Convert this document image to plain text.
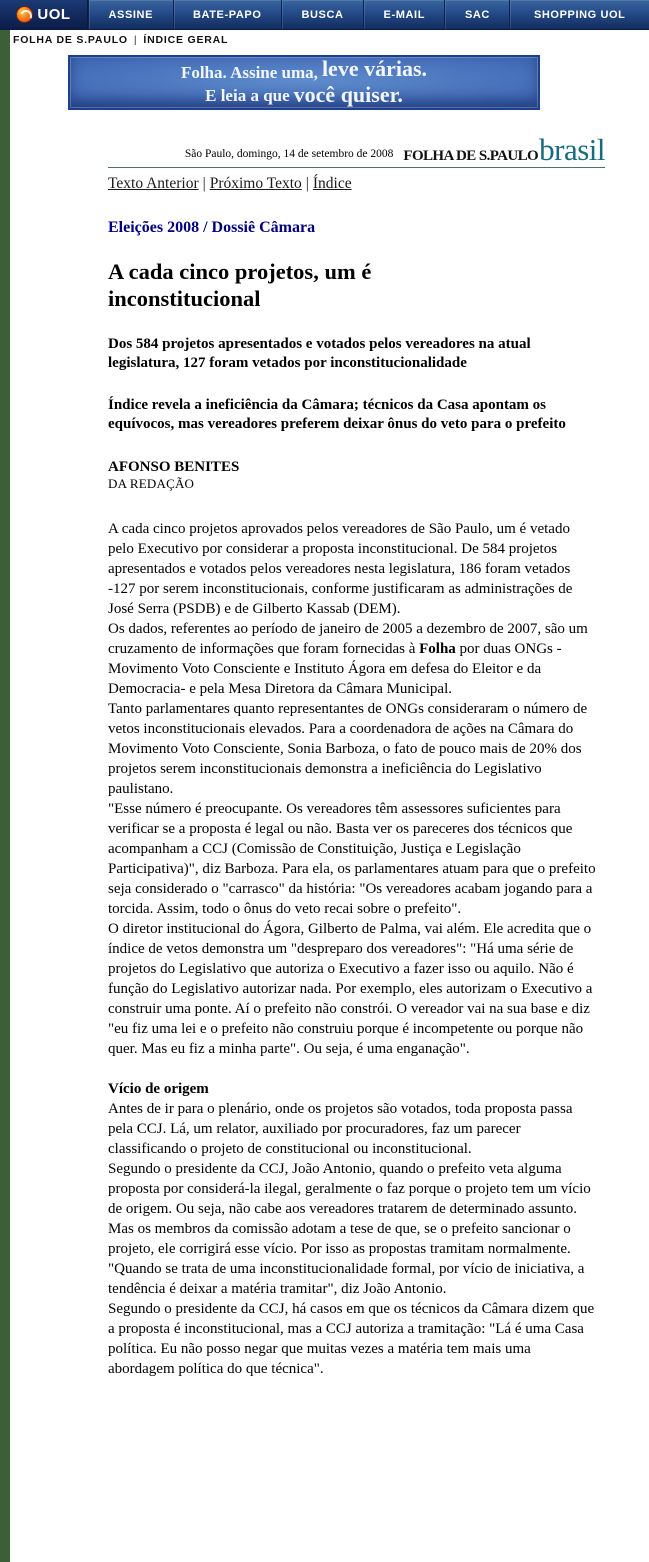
UOL	ASSINE	BATE-PAPO	BUSCA	E-MAIL	SAC	SHOPPING UOL
FOLHA DE S.PAULO | ÍNDICE GERAL
Folha. Assine uma, leve várias.
E leia a que você quiser.
São Paulo, domingo, 14 de setembro de 2008 FOLHA DE S.PAULO brasil
Texto Anterior | Próximo Texto | Índice
Eleições 2008 / Dossiê Câmara
A cada cinco projetos, um é inconstitucional

Dos 584 projetos apresentados e votados pelos vereadores na atual legislatura, 127 foram vetados por inconstitucionalidade

Índice revela a ineficiência da Câmara; técnicos da Casa apontam os equívocos, mas vereadores preferem deixar ônus do veto para o prefeito

AFONSO BENITES
DA REDAÇÃO

A cada cinco projetos aprovados pelos vereadores de São Paulo, um é vetado pelo Executivo por considerar a proposta inconstitucional. De 584 projetos apresentados e votados pelos vereadores nesta legislatura, 186 foram vetados -127 por serem inconstitucionais, conforme justificaram as administrações de José Serra (PSDB) e de Gilberto Kassab (DEM).

Os dados, referentes ao período de janeiro de 2005 a dezembro de 2007, são um cruzamento de informações que foram fornecidas à Folha por duas ONGs -Movimento Voto Consciente e Instituto Ágora em defesa do Eleitor e da Democracia- e pela Mesa Diretora da Câmara Municipal.

Tanto parlamentares quanto representantes de ONGs consideraram o número de vetos inconstitucionais elevados. Para a coordenadora de ações na Câmara do Movimento Voto Consciente, Sonia Barboza, o fato de pouco mais de 20% dos projetos serem inconstitucionais demonstra a ineficiência do Legislativo paulistano.

"Esse número é preocupante. Os vereadores têm assessores suficientes para verificar se a proposta é legal ou não. Basta ver os pareceres dos técnicos que acompanham a CCJ (Comissão de Constituição, Justiça e Legislação Participativa)", diz Barboza. Para ela, os parlamentares atuam para que o prefeito seja considerado o "carrasco" da história: "Os vereadores acabam jogando para a torcida. Assim, todo o ônus do veto recai sobre o prefeito".

O diretor institucional do Ágora, Gilberto de Palma, vai além. Ele acredita que o índice de vetos demonstra um "despreparo dos vereadores": "Há uma série de projetos do Legislativo que autoriza o Executivo a fazer isso ou aquilo. Não é função do Legislativo autorizar nada. Por exemplo, eles autorizam o Executivo a construir uma ponte. Aí o prefeito não constrói. O vereador vai na sua base e diz "eu fiz uma lei e o prefeito não construiu porque é incompetente ou porque não quer. Mas eu fiz a minha parte". Ou seja, é uma enganação".

Vício de origem

Antes de ir para o plenário, onde os projetos são votados, toda proposta passa pela CCJ. Lá, um relator, auxiliado por procuradores, faz um parecer classificando o projeto de constitucional ou inconstitucional.

Segundo o presidente da CCJ, João Antonio, quando o prefeito veta alguma proposta por considerá-la ilegal, geralmente o faz porque o projeto tem um vício de origem. Ou seja, não cabe aos vereadores tratarem de determinado assunto.

Mas os membros da comissão adotam a tese de que, se o prefeito sancionar o projeto, ele corrigirá esse vício. Por isso as propostas tramitam normalmente. "Quando se trata de uma inconstitucionalidade formal, por vício de iniciativa, a tendência é deixar a matéria tramitar", diz João Antonio.

Segundo o presidente da CCJ, há casos em que os técnicos da Câmara dizem que a proposta é inconstitucional, mas a CCJ autoriza a tramitação: "Lá é uma Casa política. Eu não posso negar que muitas vezes a matéria tem mais uma abordagem política do que técnica".
